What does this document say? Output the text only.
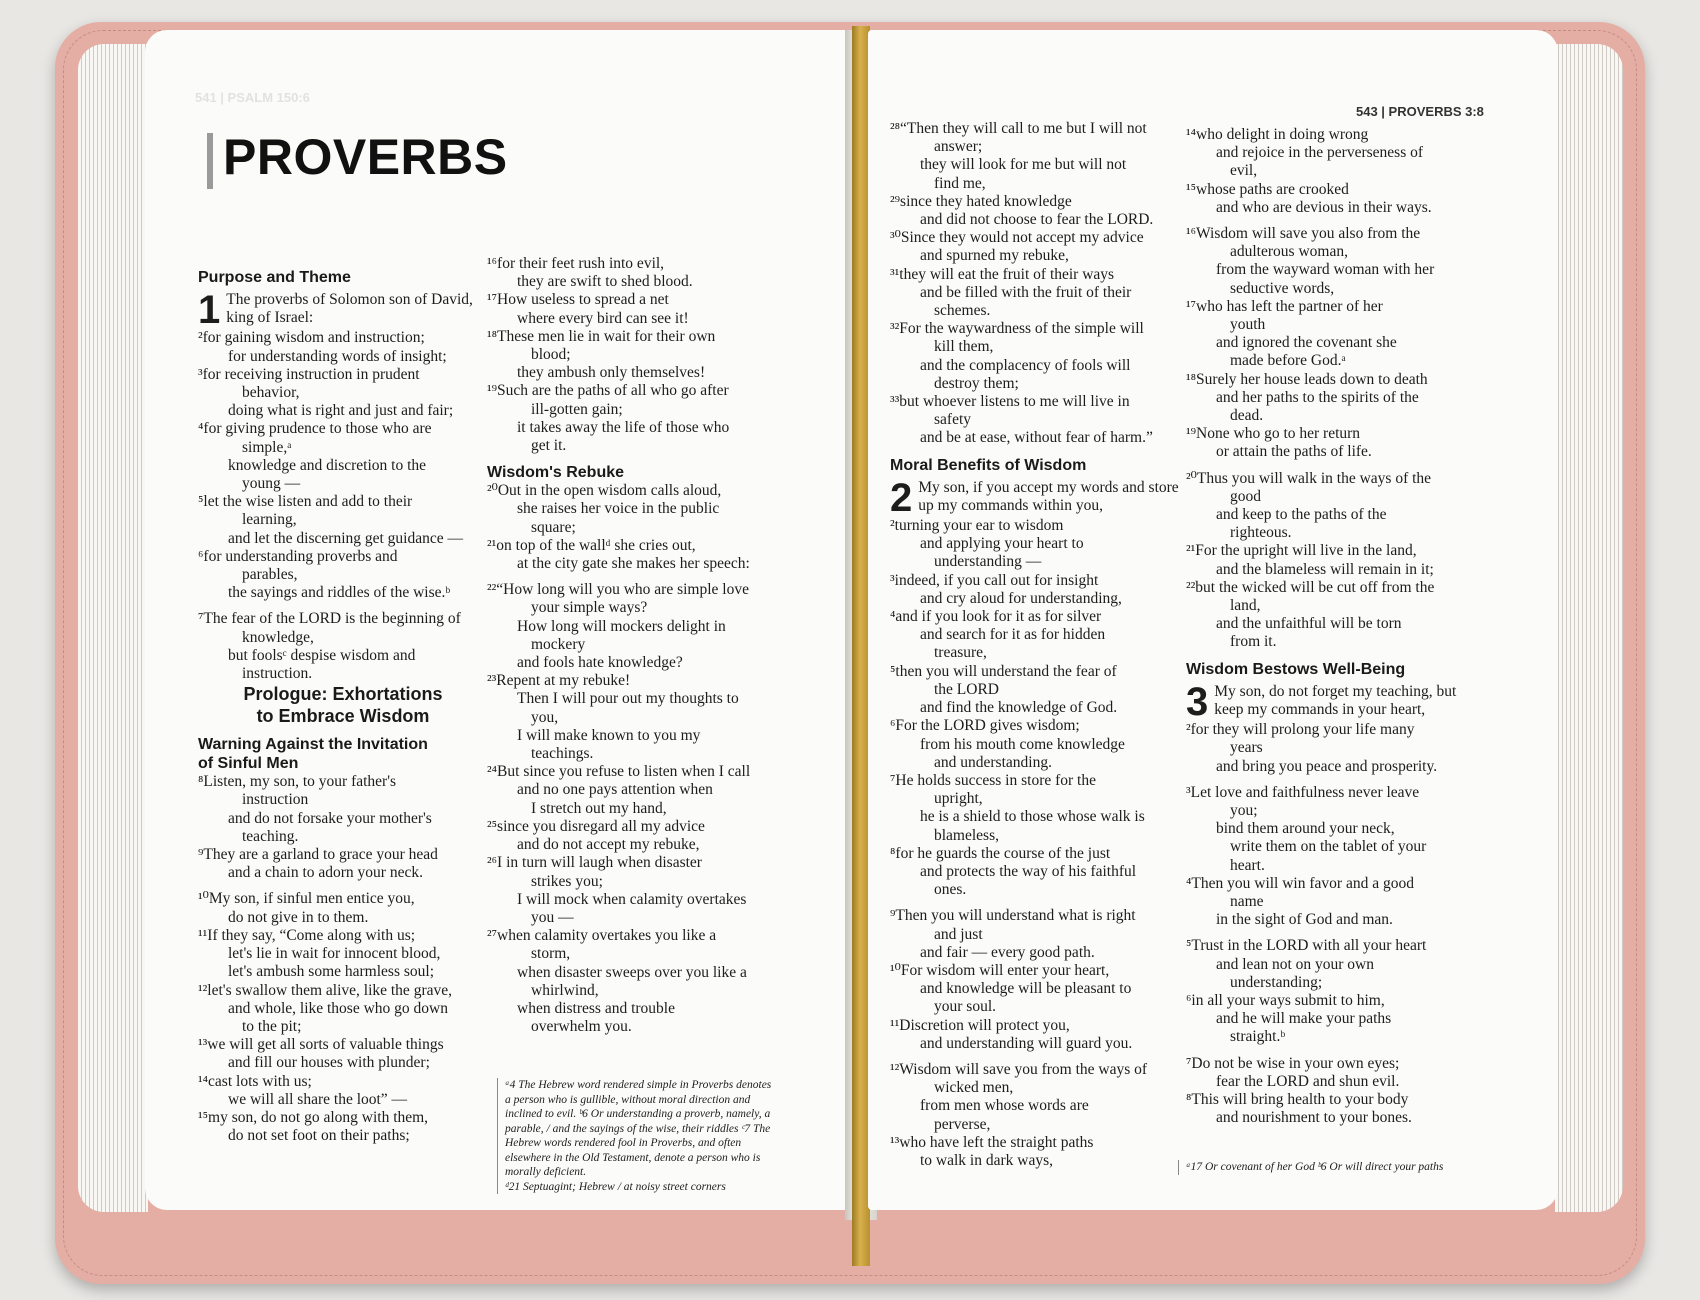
541 | PSALM 150:6
PROVERBS

Purpose and Theme

1 The proverbs of Solomon son of David, king of Israel:

²for gaining wisdom and instruction;

for understanding words of insight;

³for receiving instruction in prudent

behavior,

doing what is right and just and fair;

⁴for giving prudence to those who are

simple,ᵃ

knowledge and discretion to the

young —

⁵let the wise listen and add to their

learning,

and let the discerning get guidance —

⁶for understanding proverbs and

parables,

the sayings and riddles of the wise.ᵇ

⁷The fear of the LORD is the beginning of

knowledge,

but foolsᶜ despise wisdom and

instruction.

Prologue: Exhortations

to Embrace Wisdom

Warning Against the Invitation

of Sinful Men

⁸Listen, my son, to your father's

instruction

and do not forsake your mother's

teaching.

⁹They are a garland to grace your head

and a chain to adorn your neck.

¹⁰My son, if sinful men entice you,

do not give in to them.

¹¹If they say, “Come along with us;

let's lie in wait for innocent blood,

let's ambush some harmless soul;

¹²let's swallow them alive, like the grave,

and whole, like those who go down

to the pit;

¹³we will get all sorts of valuable things

and fill our houses with plunder;

¹⁴cast lots with us;

we will all share the loot” —

¹⁵my son, do not go along with them,

do not set foot on their paths;

¹⁶for their feet rush into evil,

they are swift to shed blood.

¹⁷How useless to spread a net

where every bird can see it!

¹⁸These men lie in wait for their own

blood;

they ambush only themselves!

¹⁹Such are the paths of all who go after

ill-gotten gain;

it takes away the life of those who

get it.

Wisdom's Rebuke

²⁰Out in the open wisdom calls aloud,

she raises her voice in the public

square;

²¹on top of the wallᵈ she cries out,

at the city gate she makes her speech:

²²“How long will you who are simple love

your simple ways?

How long will mockers delight in

mockery

and fools hate knowledge?

²³Repent at my rebuke!

Then I will pour out my thoughts to

you,

I will make known to you my

teachings.

²⁴But since you refuse to listen when I call

and no one pays attention when

I stretch out my hand,

²⁵since you disregard all my advice

and do not accept my rebuke,

²⁶I in turn will laugh when disaster

strikes you;

I will mock when calamity overtakes

you —

²⁷when calamity overtakes you like a

storm,

when disaster sweeps over you like a

whirlwind,

when distress and trouble

overwhelm you.

ᵃ4 The Hebrew word rendered simple in Proverbs denotes a person who is gullible, without moral direction and inclined to evil. ᵇ6 Or understanding a proverb, namely, a parable, / and the sayings of the wise, their riddles ᶜ7 The Hebrew words rendered fool in Proverbs, and often elsewhere in the Old Testament, denote a person who is morally deficient.

ᵈ21 Septuagint; Hebrew / at noisy street corners

543 | PROVERBS 3:8

²⁸“Then they will call to me but I will not

answer;

they will look for me but will not

find me,

²⁹since they hated knowledge

and did not choose to fear the LORD.

³⁰Since they would not accept my advice

and spurned my rebuke,

³¹they will eat the fruit of their ways

and be filled with the fruit of their

schemes.

³²For the waywardness of the simple will

kill them,

and the complacency of fools will

destroy them;

³³but whoever listens to me will live in

safety

and be at ease, without fear of harm.”

Moral Benefits of Wisdom

2 My son, if you accept my words and store up my commands within you,

²turning your ear to wisdom

and applying your heart to

understanding —

³indeed, if you call out for insight

and cry aloud for understanding,

⁴and if you look for it as for silver

and search for it as for hidden

treasure,

⁵then you will understand the fear of

the LORD

and find the knowledge of God.

⁶For the LORD gives wisdom;

from his mouth come knowledge

and understanding.

⁷He holds success in store for the

upright,

he is a shield to those whose walk is

blameless,

⁸for he guards the course of the just

and protects the way of his faithful

ones.

⁹Then you will understand what is right

and just

and fair — every good path.

¹⁰For wisdom will enter your heart,

and knowledge will be pleasant to

your soul.

¹¹Discretion will protect you,

and understanding will guard you.

¹²Wisdom will save you from the ways of

wicked men,

from men whose words are

perverse,

¹³who have left the straight paths

to walk in dark ways,

¹⁴who delight in doing wrong

and rejoice in the perverseness of

evil,

¹⁵whose paths are crooked

and who are devious in their ways.

¹⁶Wisdom will save you also from the

adulterous woman,

from the wayward woman with her

seductive words,

¹⁷who has left the partner of her

youth

and ignored the covenant she

made before God.ᵃ

¹⁸Surely her house leads down to death

and her paths to the spirits of the

dead.

¹⁹None who go to her return

or attain the paths of life.

²⁰Thus you will walk in the ways of the

good

and keep to the paths of the

righteous.

²¹For the upright will live in the land,

and the blameless will remain in it;

²²but the wicked will be cut off from the

land,

and the unfaithful will be torn

from it.

Wisdom Bestows Well-Being

3 My son, do not forget my teaching, but keep my commands in your heart,

²for they will prolong your life many

years

and bring you peace and prosperity.

³Let love and faithfulness never leave

you;

bind them around your neck,

write them on the tablet of your

heart.

⁴Then you will win favor and a good

name

in the sight of God and man.

⁵Trust in the LORD with all your heart

and lean not on your own

understanding;

⁶in all your ways submit to him,

and he will make your paths

straight.ᵇ

⁷Do not be wise in your own eyes;

fear the LORD and shun evil.

⁸This will bring health to your body

and nourishment to your bones.

ᵃ17 Or covenant of her God ᵇ6 Or will direct your paths
